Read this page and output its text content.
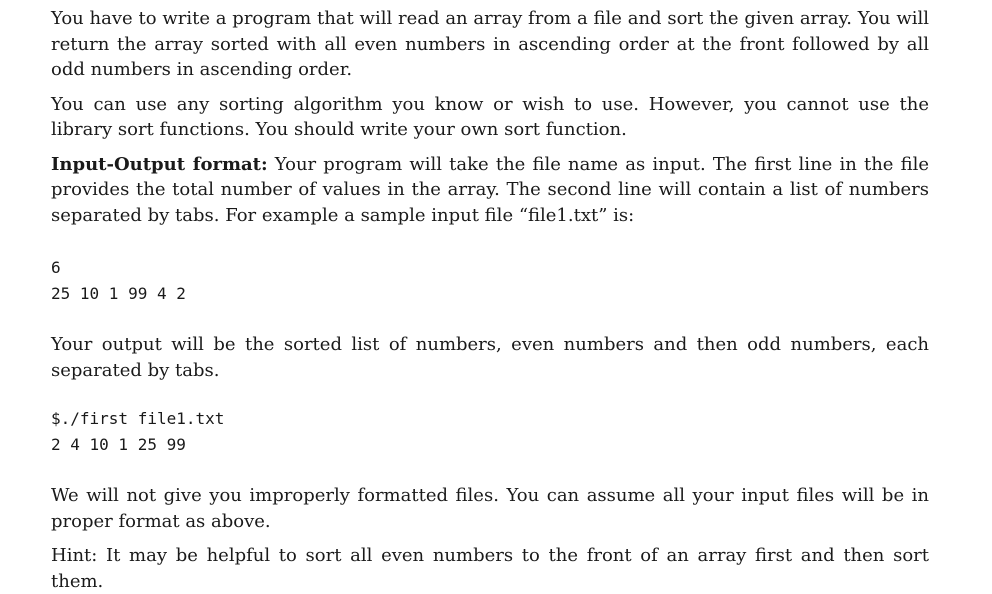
You have to write a program that will read an array from a file and sort the given array. You will return the array sorted with all even numbers in ascending order at the front followed by all odd numbers in ascending order.

You can use any sorting algorithm you know or wish to use. However, you cannot use the library sort functions. You should write your own sort function.

Input-Output format: Your program will take the file name as input. The first line in the file provides the total number of values in the array. The second line will contain a list of numbers separated by tabs. For example a sample input file “file1.txt” is:

6
25 10 1 99 4 2

Your output will be the sorted list of numbers, even numbers and then odd numbers, each separated by tabs.

$./first file1.txt
2 4 10 1 25 99

We will not give you improperly formatted files. You can assume all your input files will be in proper format as above.

Hint: It may be helpful to sort all even numbers to the front of an array first and then sort them.
